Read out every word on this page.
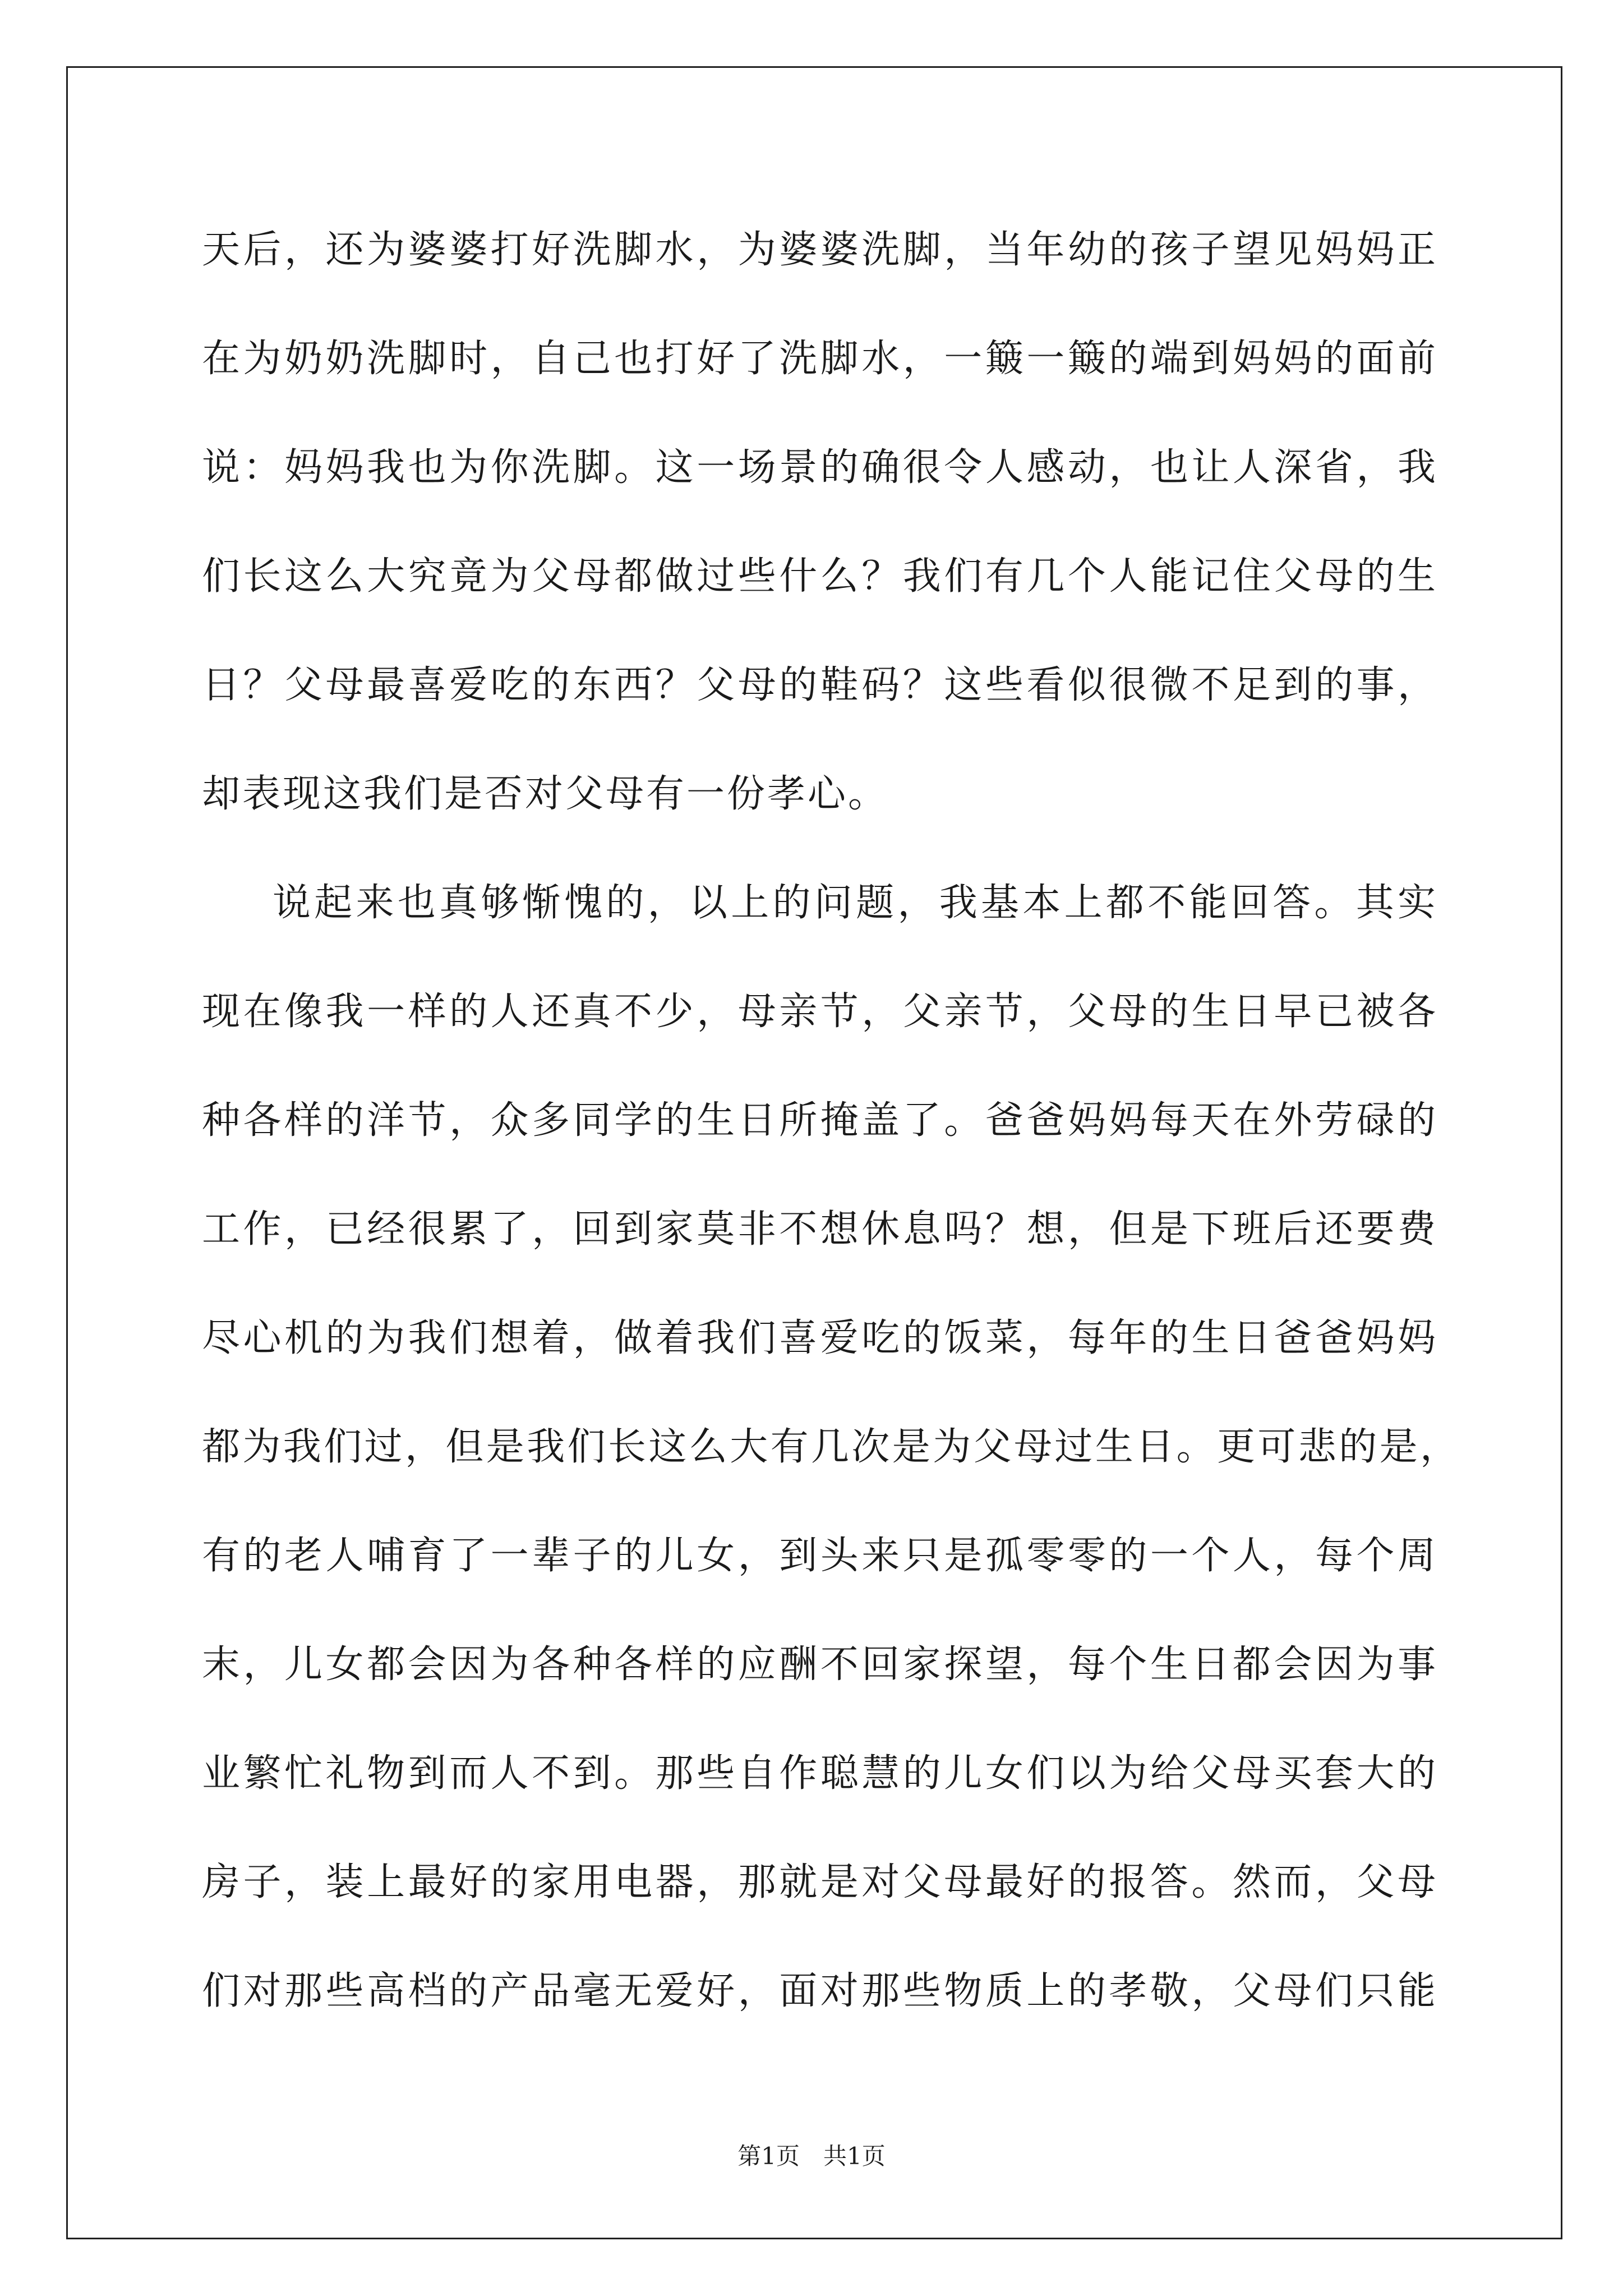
天后，还为婆婆打好洗脚水，为婆婆洗脚，当年幼的孩子望见妈妈正
在为奶奶洗脚时，自己也打好了洗脚水，一簸一簸的端到妈妈的面前
说：妈妈我也为你洗脚。这一场景的确很令人感动，也让人深省，我
们长这么大究竟为父母都做过些什么？我们有几个人能记住父母的生
日？父母最喜爱吃的东西？父母的鞋码？这些看似很微不足到的事，
却表现这我们是否对父母有一份孝心。
说起来也真够惭愧的，以上的问题，我基本上都不能回答。其实
现在像我一样的人还真不少，母亲节，父亲节，父母的生日早已被各
种各样的洋节，众多同学的生日所掩盖了。爸爸妈妈每天在外劳碌的
工作，已经很累了，回到家莫非不想休息吗？想，但是下班后还要费
尽心机的为我们想着，做着我们喜爱吃的饭菜，每年的生日爸爸妈妈
都为我们过，但是我们长这么大有几次是为父母过生日。更可悲的是，
有的老人哺育了一辈子的儿女，到头来只是孤零零的一个人，每个周
末，儿女都会因为各种各样的应酬不回家探望，每个生日都会因为事
业繁忙礼物到而人不到。那些自作聪慧的儿女们以为给父母买套大的
房子，装上最好的家用电器，那就是对父母最好的报答。然而，父母
们对那些高档的产品毫无爱好，面对那些物质上的孝敬，父母们只能
第1页　共1页
